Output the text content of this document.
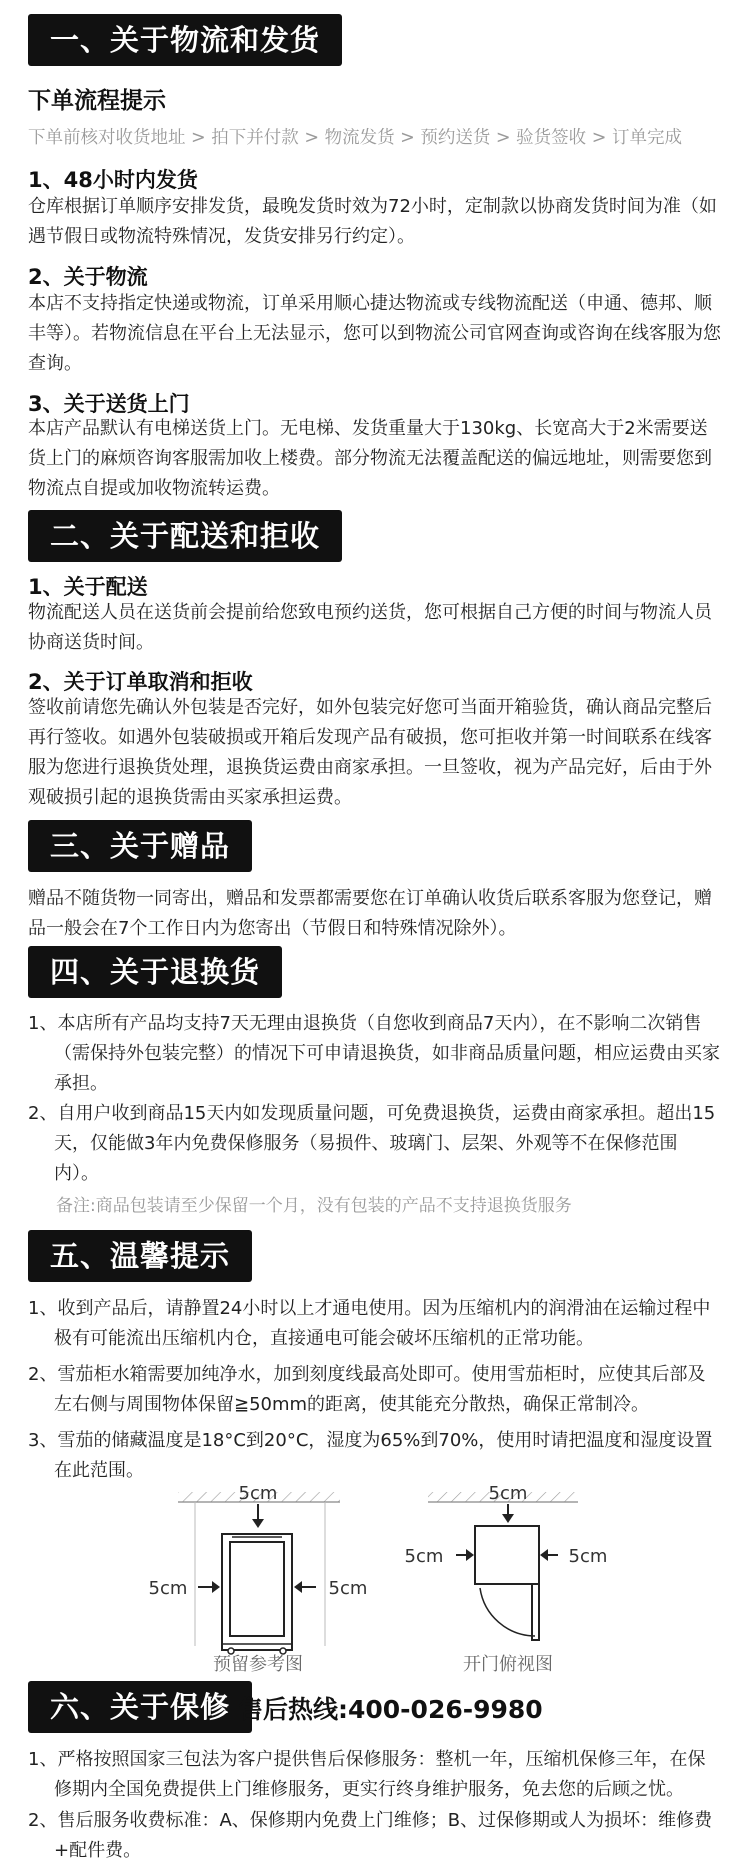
一、关于物流和发货
下单流程提示
下单前核对收货地址 > 拍下并付款 > 物流发货 > 预约送货 > 验货签收 > 订单完成
1、48小时内发货
仓库根据订单顺序安排发货，最晚发货时效为72小时，定制款以协商发货时间为准（如遇节假日或物流特殊情况，发货安排另行约定）。
2、关于物流
本店不支持指定快递或物流，订单采用顺心捷达物流或专线物流配送（申通、德邦、顺丰等）。若物流信息在平台上无法显示，您可以到物流公司官网查询或咨询在线客服为您查询。
3、关于送货上门
本店产品默认有电梯送货上门。无电梯、发货重量大于130kg、长宽高大于2米需要送货上门的麻烦咨询客服需加收上楼费。部分物流无法覆盖配送的偏远地址，则需要您到物流点自提或加收物流转运费。
二、关于配送和拒收
1、关于配送
物流配送人员在送货前会提前给您致电预约送货，您可根据自己方便的时间与物流人员协商送货时间。
2、关于订单取消和拒收
签收前请您先确认外包装是否完好，如外包装完好您可当面开箱验货，确认商品完整后再行签收。如遇外包装破损或开箱后发现产品有破损，您可拒收并第一时间联系在线客服为您进行退换货处理，退换货运费由商家承担。一旦签收，视为产品完好，后由于外观破损引起的退换货需由买家承担运费。
三、关于赠品
赠品不随货物一同寄出，赠品和发票都需要您在订单确认收货后联系客服为您登记，赠品一般会在7个工作日内为您寄出（节假日和特殊情况除外）。
四、关于退换货
1、本店所有产品均支持7天无理由退换货（自您收到商品7天内），在不影响二次销售（需保持外包装完整）的情况下可申请退换货，如非商品质量问题，相应运费由买家承担。
2、自用户收到商品15天内如发现质量问题，可免费退换货，运费由商家承担。超出15天，仅能做3年内免费保修服务（易损件、玻璃门、层架、外观等不在保修范围内）。
备注:商品包装请至少保留一个月，没有包装的产品不支持退换货服务
五、温馨提示
1、收到产品后，请静置24小时以上才通电使用。因为压缩机内的润滑油在运输过程中极有可能流出压缩机内仓，直接通电可能会破坏压缩机的正常功能。
2、雪茄柜水箱需要加纯净水，加到刻度线最高处即可。使用雪茄柜时，应使其后部及左右侧与周围物体保留≧50mm的距离，使其能充分散热，确保正常制冷。
3、雪茄的储藏温度是18°C到20°C，湿度为65%到70%，使用时请把温度和湿度设置在此范围。
5cm
5cm	5cm
预留参考图
5cm
5cm	5cm
开门俯视图
六、关于保修 售后热线:400-026-9980
1、严格按照国家三包法为客户提供售后保修服务：整机一年，压缩机保修三年，在保修期内全国免费提供上门维修服务，更实行终身维护服务，免去您的后顾之忧。
2、售后服务收费标准：A、保修期内免费上门维修；B、过保修期或人为损坏：维修费+配件费。
